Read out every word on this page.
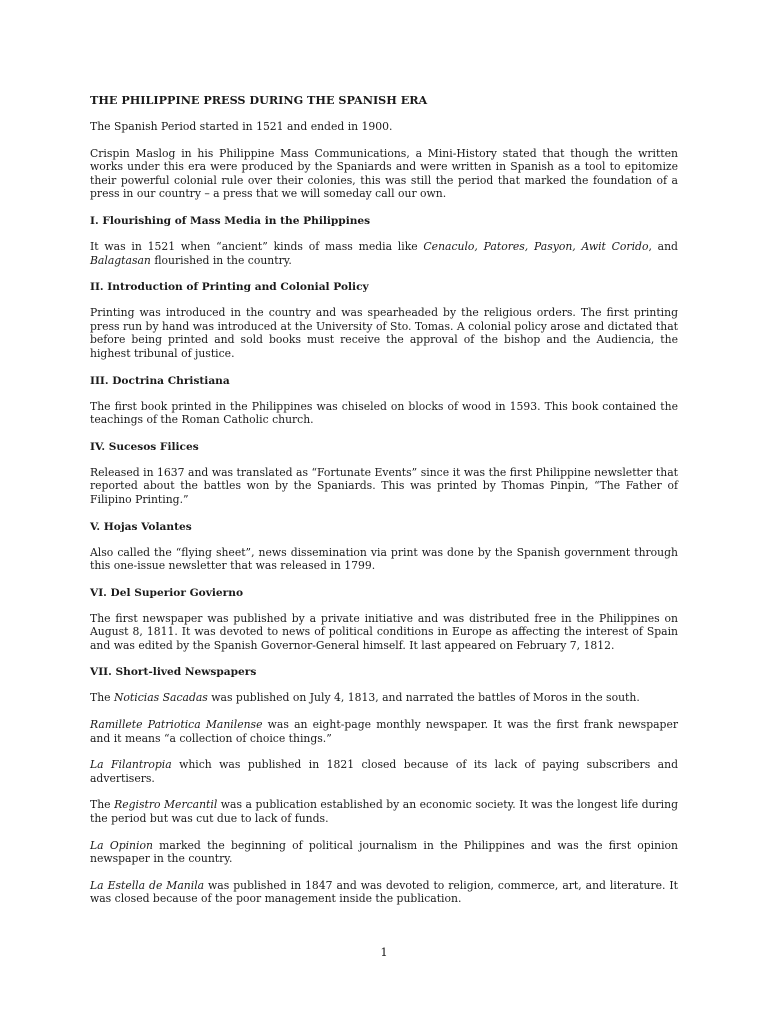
THE PHILIPPINE PRESS DURING THE SPANISH ERA

The Spanish Period started in 1521 and ended in 1900.

Crispin Maslog in his Philippine Mass Communications, a Mini-History stated that though the written works under this era were produced by the Spaniards and were written in Spanish as a tool to epitomize their powerful colonial rule over their colonies, this was still the period that marked the foundation of a press in our country – a press that we will someday call our own.

I. Flourishing of Mass Media in the Philippines

It was in 1521 when “ancient” kinds of mass media like Cenaculo, Patores, Pasyon, Awit Corido, and Balagtasan flourished in the country.

II. Introduction of Printing and Colonial Policy

Printing was introduced in the country and was spearheaded by the religious orders. The first printing press run by hand was introduced at the University of Sto. Tomas. A colonial policy arose and dictated that before being printed and sold books must receive the approval of the bishop and the Audiencia, the highest tribunal of justice.

III. Doctrina Christiana

The first book printed in the Philippines was chiseled on blocks of wood in 1593. This book contained the teachings of the Roman Catholic church.

IV. Sucesos Filices

Released in 1637 and was translated as “Fortunate Events” since it was the first Philippine newsletter that reported about the battles won by the Spaniards. This was printed by Thomas Pinpin, “The Father of Filipino Printing.”

V. Hojas Volantes

Also called the “flying sheet”, news dissemination via print was done by the Spanish government through this one-issue newsletter that was released in 1799.

VI. Del Superior Govierno

The first newspaper was published by a private initiative and was distributed free in the Philippines on August 8, 1811. It was devoted to news of political conditions in Europe as affecting the interest of Spain and was edited by the Spanish Governor-General himself. It last appeared on February 7, 1812.

VII. Short-lived Newspapers

The Noticias Sacadas was published on July 4, 1813, and narrated the battles of Moros in the south.

Ramillete Patriotica Manilense was an eight-page monthly newspaper. It was the first frank newspaper and it means “a collection of choice things.”

La Filantropia which was published in 1821 closed because of its lack of paying subscribers and advertisers.

The Registro Mercantil was a publication established by an economic society. It was the longest life during the period but was cut due to lack of funds.

La Opinion marked the beginning of political journalism in the Philippines and was the first opinion newspaper in the country.

La Estella de Manila was published in 1847 and was devoted to religion, commerce, art, and literature. It was closed because of the poor management inside the publication.

1
